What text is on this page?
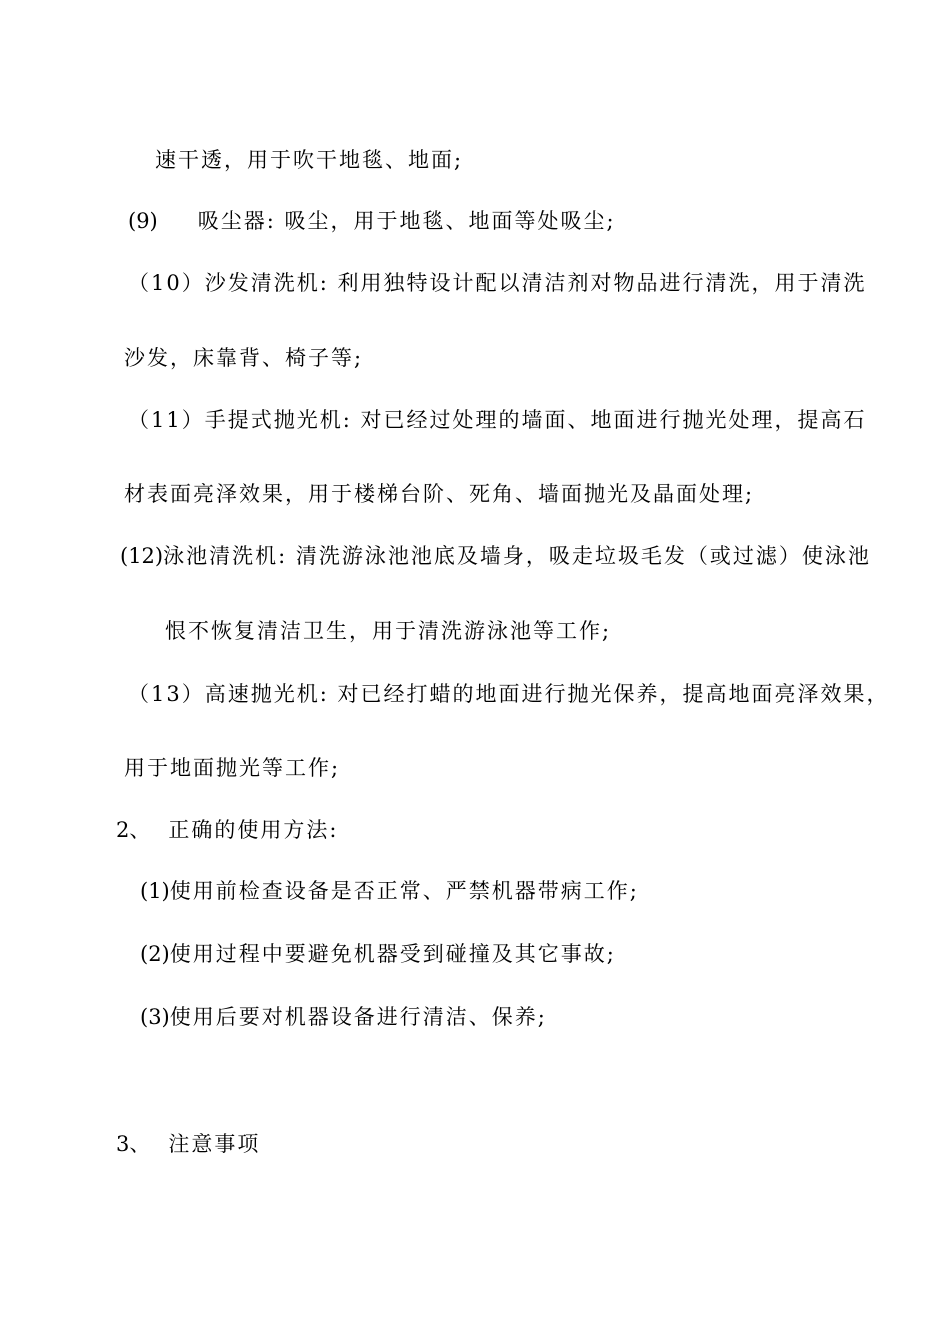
速干透，用于吹干地毯、地面;
(9) 吸尘器: 吸尘，用于地毯、地面等处吸尘;
（10）沙发清洗机: 利用独特设计配以清洁剂对物品进行清洗，用于清洗
沙发，床靠背、椅子等;
（11）手提式抛光机: 对已经过处理的墙面、地面进行抛光处理，提高石
材表面亮泽效果，用于楼梯台阶、死角、墙面抛光及晶面处理;
(12)泳池清洗机: 清洗游泳池池底及墙身，吸走垃圾毛发（或过滤）使泳池
恨不恢复清洁卫生，用于清洗游泳池等工作;
（13）高速抛光机: 对已经打蜡的地面进行抛光保养，提高地面亮泽效果，
用于地面抛光等工作;
2、 正确的使用方法:
(1)使用前检查设备是否正常、严禁机器带病工作;
(2)使用过程中要避免机器受到碰撞及其它事故;
(3)使用后要对机器设备进行清洁、保养;
3、 注意事项
